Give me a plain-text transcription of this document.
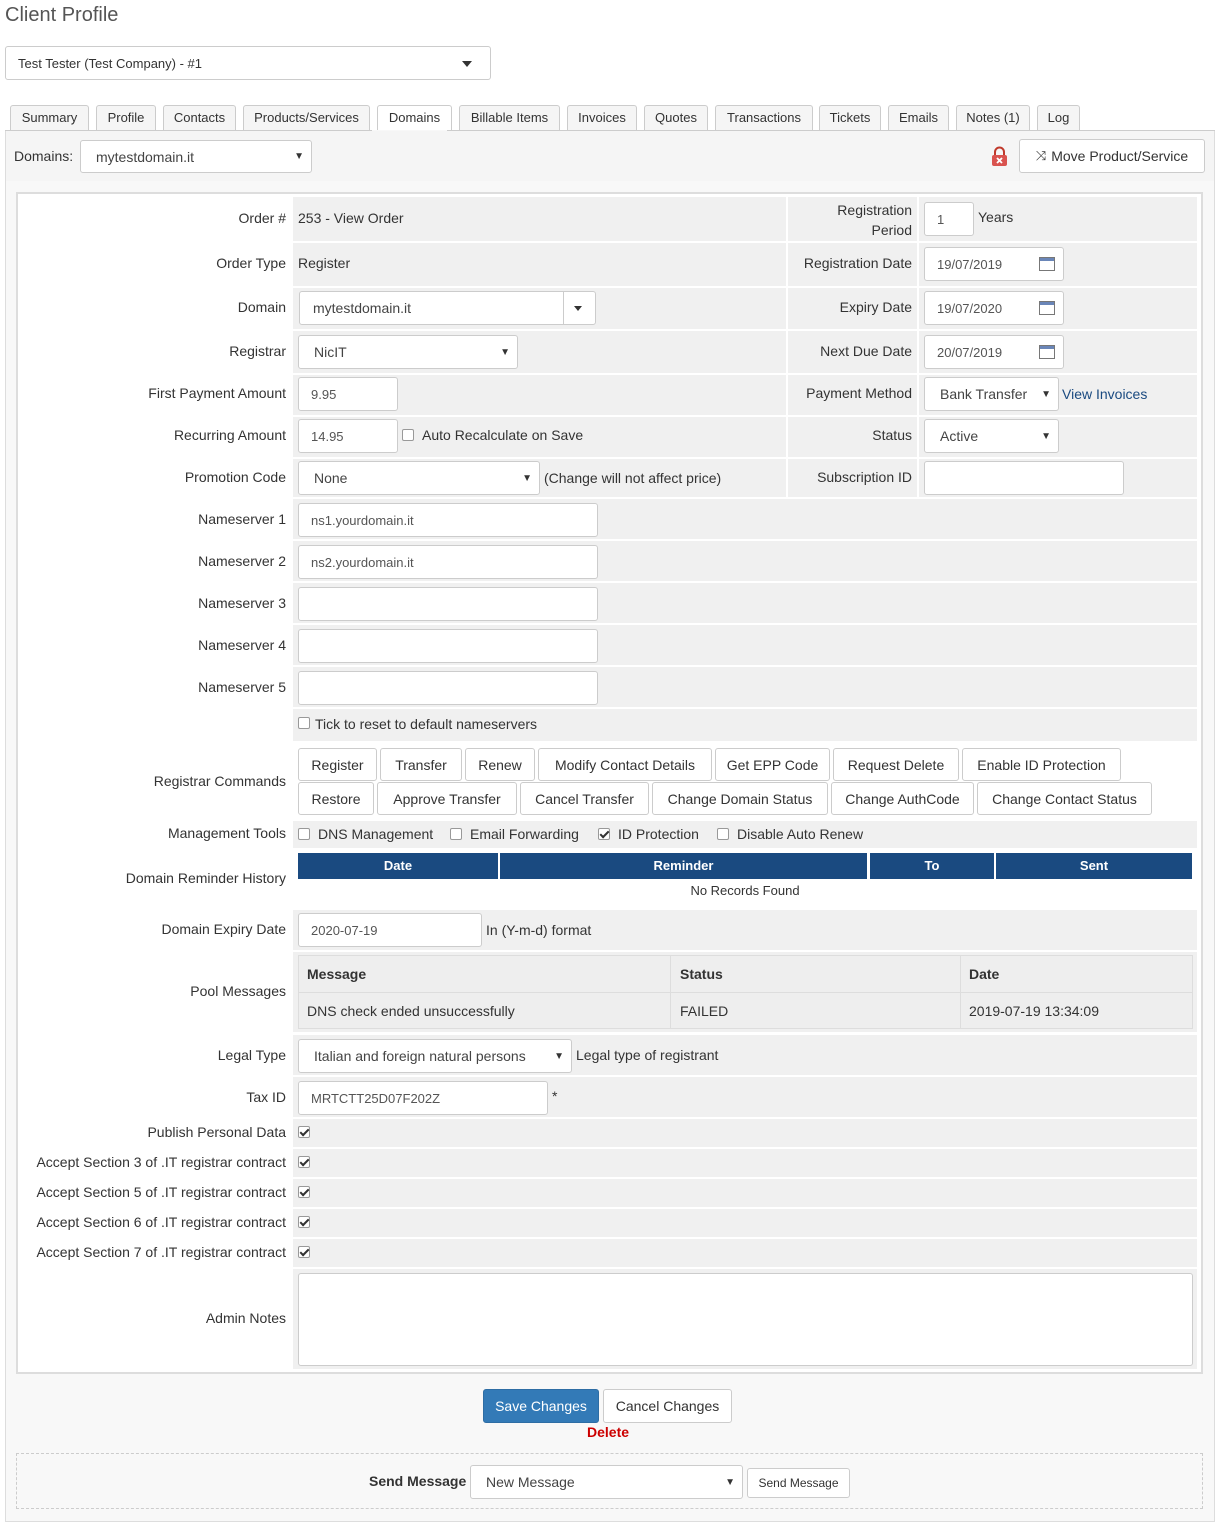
Client Profile
Test Tester (Test Company) - #1
Summary	Profile	Contacts	Products/Services	Domains	Billable Items	Invoices	Quotes	Transactions	Tickets	Emails	Notes (1)	Log
Domains: mytestdomain.it	▼	⤨ Move Product/Service
Order # 253 - View Order
Order Type Register
Domain mytestdomain.it
Registrar NicIT	▼
First Payment Amount	9.95
Recurring Amount	14.95	Auto Recalculate on Save
Promotion Code None	▼ (Change will not affect price)
Registration
Period
1	Years
Registration Date 19/07/2019
Expiry Date 19/07/2020
Next Due Date 20/07/2019
Payment Method Bank Transfer ▼ View Invoices
Status Active	▼
Subscription ID
Nameserver 1	ns1.yourdomain.it
Nameserver 2	ns2.yourdomain.it
Nameserver 3
Nameserver 4
Nameserver 5
Tick to reset to default nameservers
Registrar Commands
Register	Transfer	Renew	Modify Contact Details	Get EPP Code	Request Delete	Enable ID Protection
Restore	Approve Transfer	Cancel Transfer	Change Domain Status	Change AuthCode	Change Contact Status
Management Tools DNS Management	Email Forwarding	ID Protection	Disable Auto Renew
Domain Reminder History
Date	Reminder	To	Sent
No Records Found
Domain Expiry Date	2020-07-19	In (Y-m-d) format
Pool Messages
Message	Status	Date
DNS check ended unsuccessfully	FAILED	2019-07-19 13:34:09
Legal Type Italian and foreign natural persons	▼ Legal type of registrant
Tax ID	MRTCTT25D07F202Z	*
Publish Personal Data
Accept Section 3 of .IT registrar contract
Accept Section 5 of .IT registrar contract
Accept Section 6 of .IT registrar contract
Accept Section 7 of .IT registrar contract
Admin Notes
Save Changes	Cancel Changes
Delete
Send Message New Message	▼	Send Message
